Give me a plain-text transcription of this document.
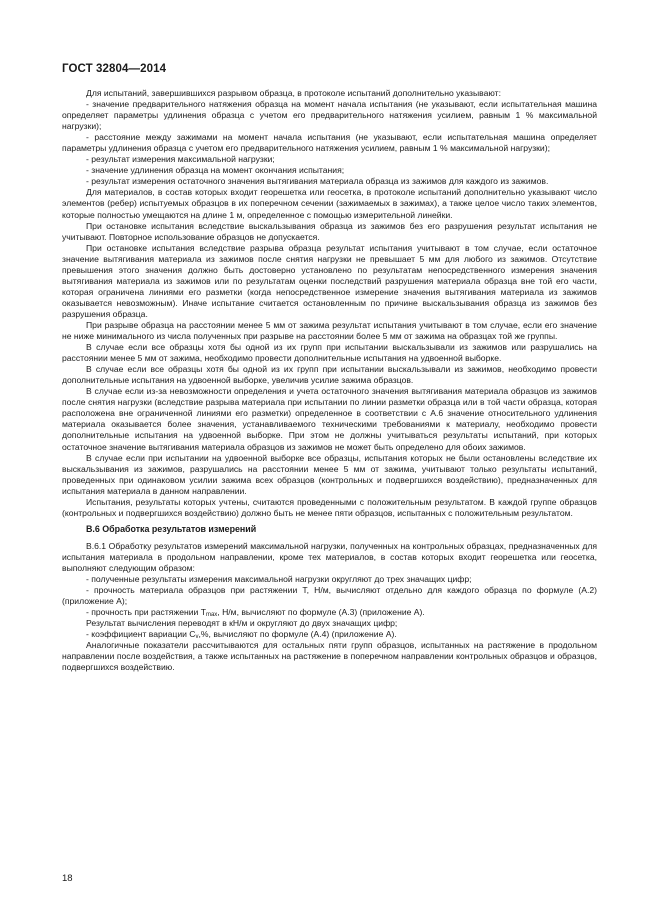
ГОСТ 32804—2014

Для испытаний, завершившихся разрывом образца, в протоколе испытаний дополнительно указывают:

- значение предварительного натяжения образца на момент начала испытания (не указывают, если испытательная машина определяет параметры удлинения образца с учетом его предварительного натяжения усилием, равным 1 % максимальной нагрузки);

- расстояние между зажимами на момент начала испытания (не указывают, если испытательная машина определяет параметры удлинения образца с учетом его предварительного натяжения усилием, равным 1 % максимальной нагрузки);

- результат измерения максимальной нагрузки;

- значение удлинения образца на момент окончания испытания;

- результат измерения остаточного значения вытягивания материала образца из зажимов для каждого из зажимов.

Для материалов, в состав которых входит георешетка или геосетка, в протоколе испытаний дополнительно указывают число элементов (ребер) испытуемых образцов в их поперечном сечении (зажимаемых в зажимах), а также целое число таких элементов, которые полностью умещаются на длине 1 м, определенное с помощью измерительной линейки.

При остановке испытания вследствие выскальзывания образца из зажимов без его разрушения результат испытания не учитывают. Повторное использование образцов не допускается.

При остановке испытания вследствие разрыва образца результат испытания учитывают в том случае, если остаточное значение вытягивания материала из зажимов после снятия нагрузки не превышает 5 мм для любого из зажимов. Отсутствие превышения этого значения должно быть достоверно установлено по результатам непосредственного измерения значения вытягивания материала из зажимов или по результатам оценки последствий разрушения материала образца вне той его части, которая ограничена линиями его разметки (когда непосредственное измерение значения вытягивания материала из зажимов оказывается невозможным). Иначе испытание считается остановленным по причине выскальзывания образца из зажимов без разрушения образца.

При разрыве образца на расстоянии менее 5 мм от зажима результат испытания учитывают в том случае, если его значение не ниже минимального из числа полученных при разрыве на расстоянии более 5 мм от зажима на образцах той же группы.

В случае если все образцы хотя бы одной из их групп при испытании выскальзывали из зажимов или разрушались на расстоянии менее 5 мм от зажима, необходимо провести дополнительные испытания на удвоенной выборке.

В случае если все образцы хотя бы одной из их групп при испытании выскальзывали из зажимов, необходимо провести дополнительные испытания на удвоенной выборке, увеличив усилие зажима образцов.

В случае если из-за невозможности определения и учета остаточного значения вытягивания материала образцов из зажимов после снятия нагрузки (вследствие разрыва материала при испытании по линии разметки образца или в той части образца, которая расположена вне ограниченной линиями его разметки) определенное в соответствии с А.6 значение относительного удлинения материала оказывается более значения, устанавливаемого техническими требованиями к материалу, необходимо провести дополнительные испытания на удвоенной выборке. При этом не должны учитываться результаты испытаний, при которых остаточное значение вытягивания материала образцов из зажимов не может быть определено для обоих зажимов.

В случае если при испытании на удвоенной выборке все образцы, испытания которых не были остановлены вследствие их выскальзывания из зажимов, разрушались на расстоянии менее 5 мм от зажима, учитывают только результаты испытаний, проведенных при одинаковом усилии зажима всех образцов (контрольных и подвергшихся воздействию), предназначенных для испытания материала в данном направлении.

Испытания, результаты которых учтены, считаются проведенными с положительным результатом. В каждой группе образцов (контрольных и подвергшихся воздействию) должно быть не менее пяти образцов, испытанных с положительным результатом.

В.6 Обработка результатов измерений

В.6.1 Обработку результатов измерений максимальной нагрузки, полученных на контрольных образцах, предназначенных для испытания материала в продольном направлении, кроме тех материалов, в состав которых входит георешетка или геосетка, выполняют следующим образом:

- полученные результаты измерения максимальной нагрузки округляют до трех значащих цифр;

- прочность материала образцов при растяжении T, Н/м, вычисляют отдельно для каждого образца по формуле (А.2) (приложение А);

- прочность при растяжении $T_{max}$, Н/м, вычисляют по формуле (А.3) (приложение А).

Результат вычисления переводят в кН/м и округляют до двух значащих цифр;

- коэффициент вариации $C_v,\%$, вычисляют по формуле (А.4) (приложение А).

Аналогичные показатели рассчитываются для остальных пяти групп образцов, испытанных на растяжение в продольном направлении после воздействия, а также испытанных на растяжение в поперечном направлении контрольных образцов и образцов, подвергшихся воздействию.

18
